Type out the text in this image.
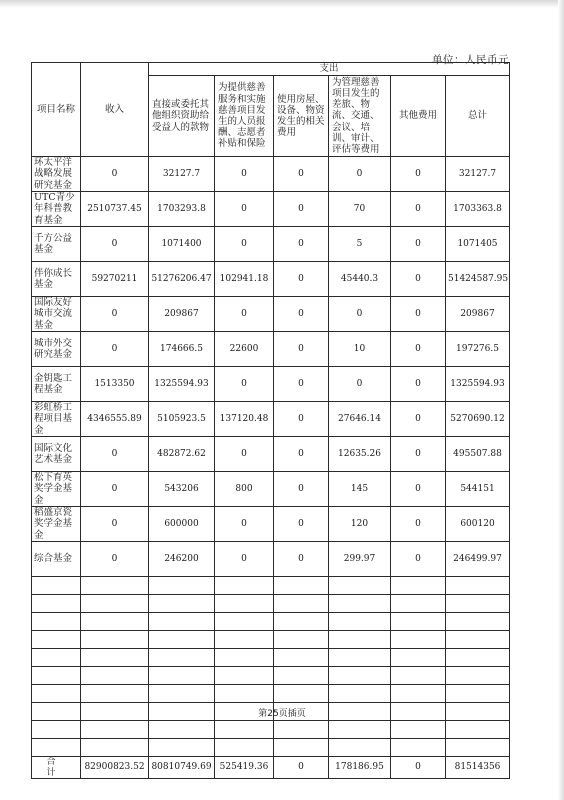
单位：人民币元
项目名称	收入	支出					
		直接或委托其他组织资助给受益人的款物	为提供慈善服务和实施慈善项目发生的人员报酬、志愿者补贴和保险	使用房屋、设备、物资发生的相关费用	为管理慈善项目发生的差旅、物流、交通、会议、培训、审计、评估等费用	其他费用	总计
环太平洋战略发展研究基金	0	32127.7	0	0	0	0	32127.7
UTC青少年科普教育基金	2510737.45	1703293.8	0	0	70	0	1703363.8
千方公益基金	0	1071400	0	0	5	0	1071405
伴你成长基金	59270211	51276206.47	102941.18	0	45440.3	0	51424587.95
国际友好城市交流基金	0	209867	0	0	0	0	209867
城市外交研究基金	0	174666.5	22600	0	10	0	197276.5
金钥匙工程基金	1513350	1325594.93	0	0	0	0	1325594.93
彩虹桥工程项目基金	4346555.89	5105923.5	137120.48	0	27646.14	0	5270690.12
国际文化艺术基金	0	482872.62	0	0	12635.26	0	495507.88
松下育英奖学金基金	0	543206	800	0	145	0	544151
稻盛京瓷奖学金基金	0	600000	0	0	120	0	600120
综合基金	0	246200	0	0	299.97	0	246499.97

合 计	82900823.52	80810749.69	525419.36	0	178186.95	0	81514356
第25页插页
